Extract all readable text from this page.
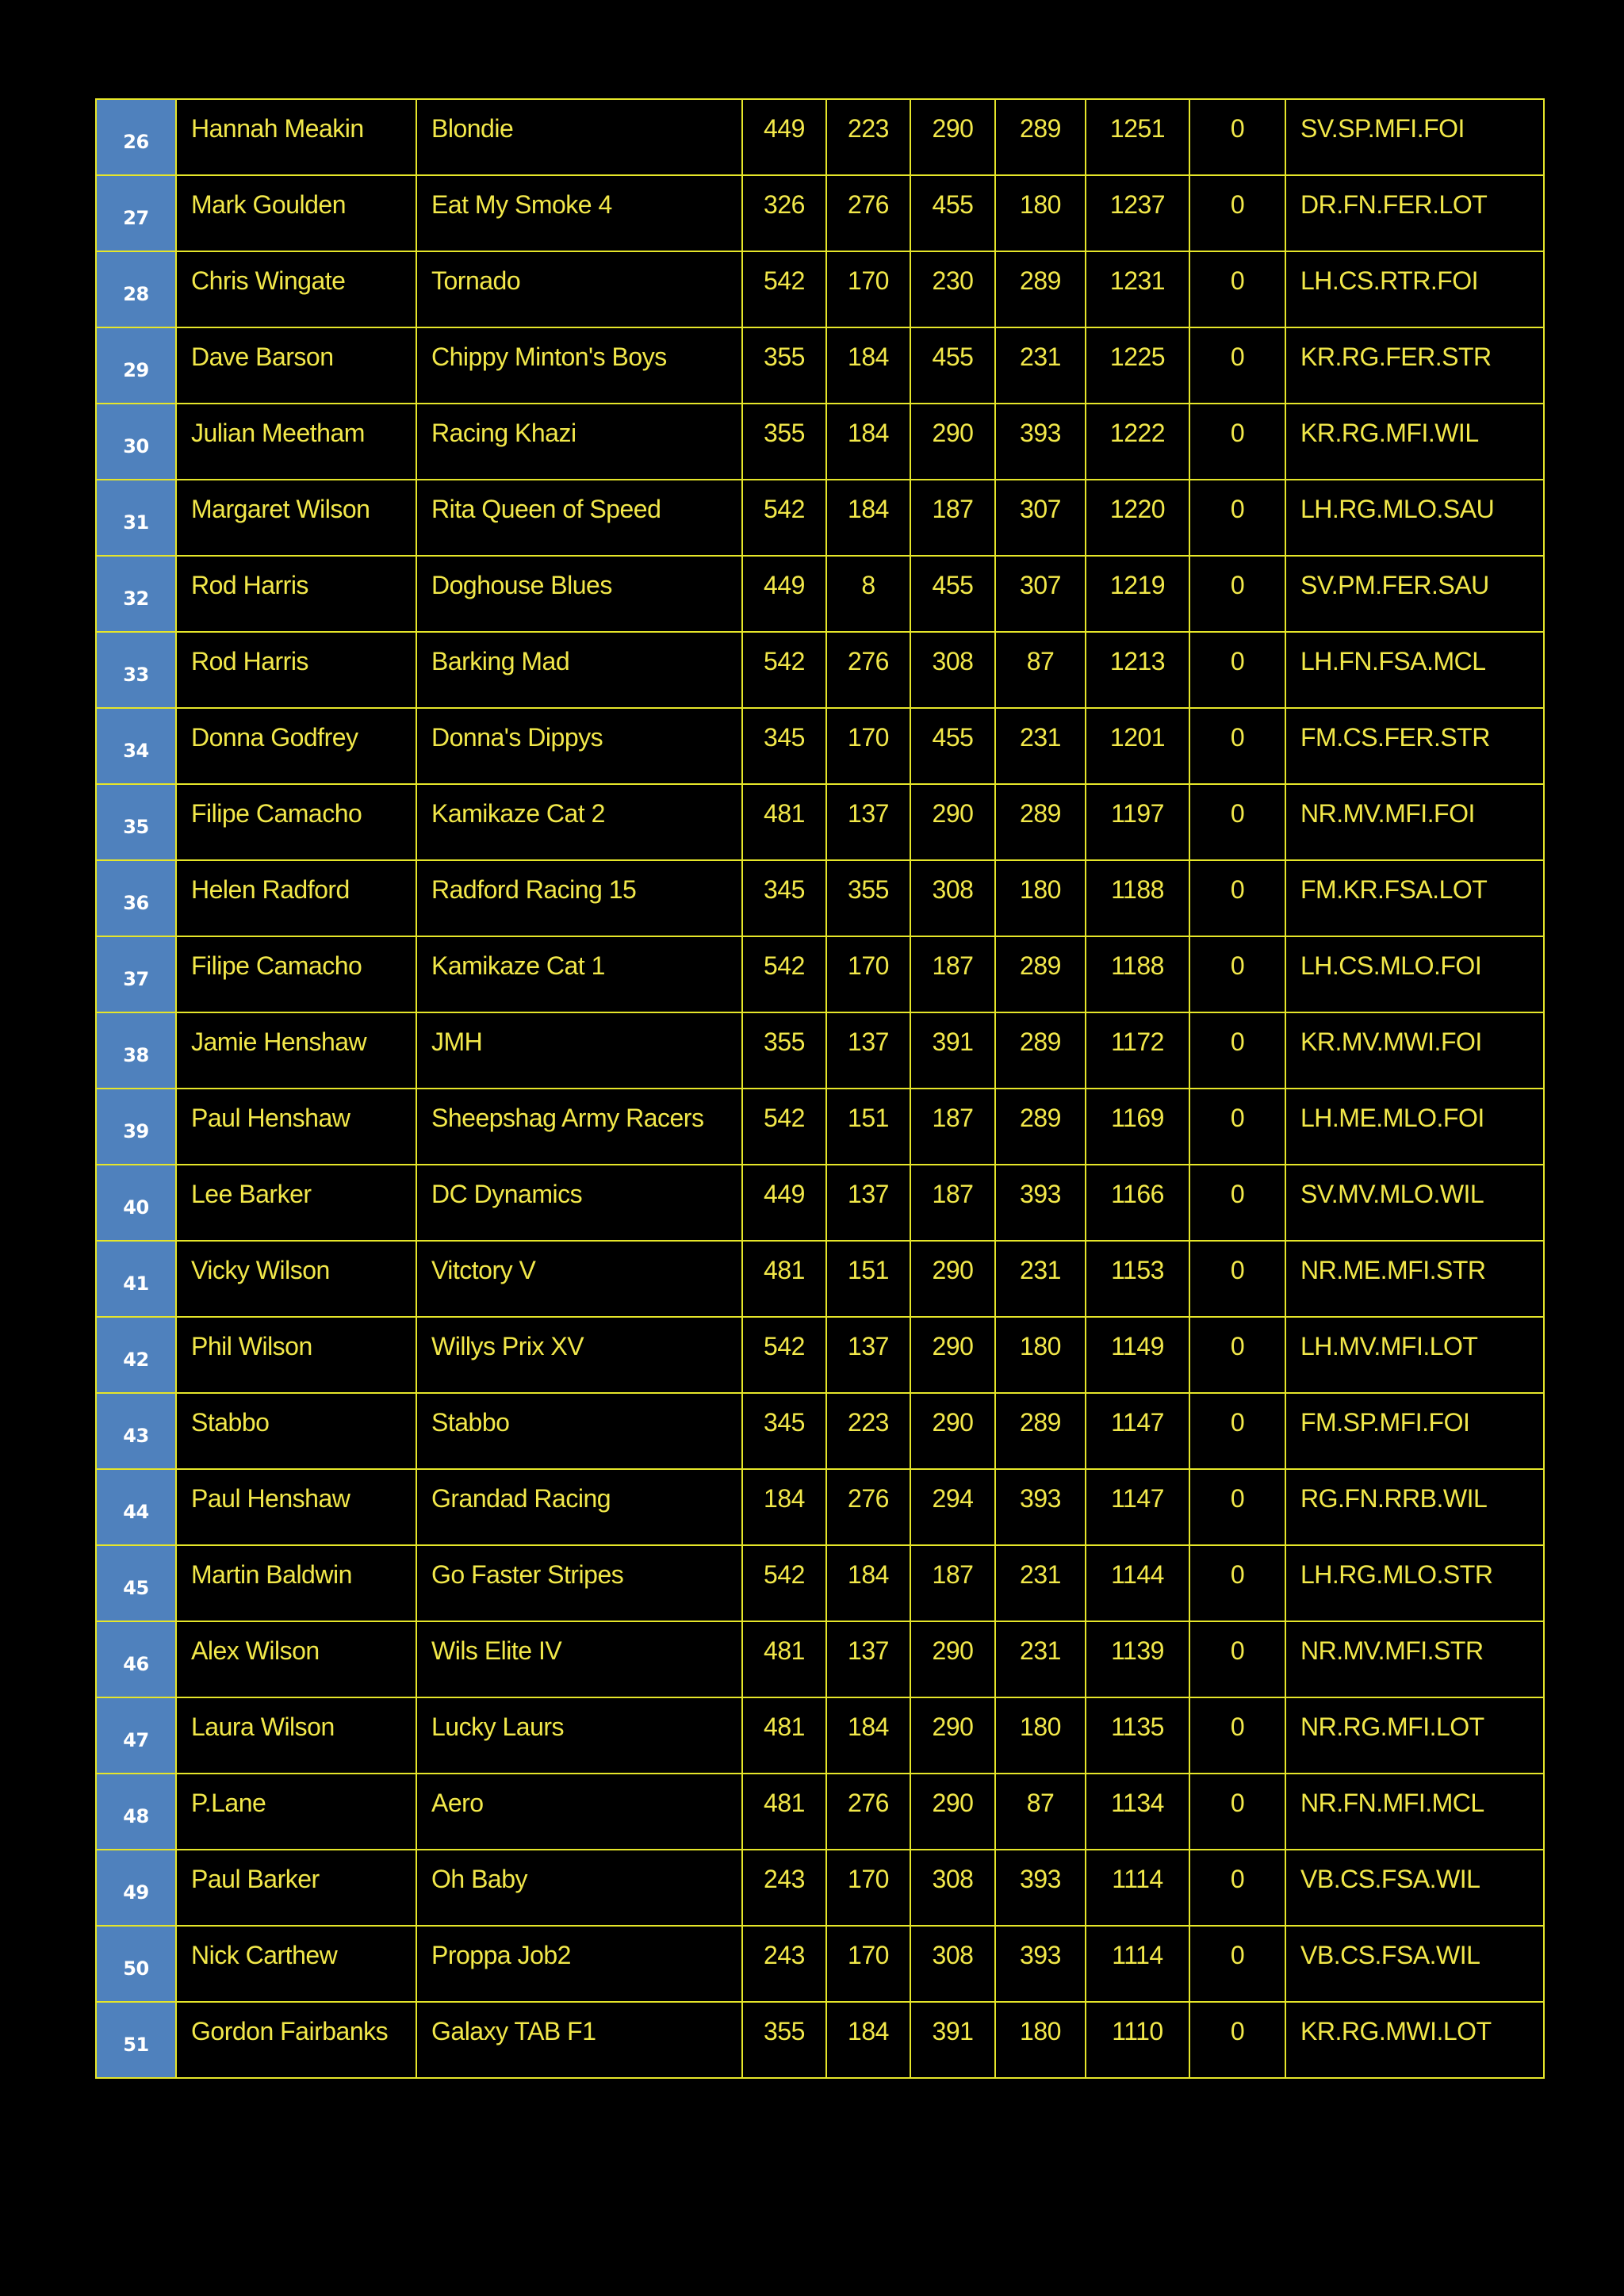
26	Hannah Meakin	Blondie	449	223	290	289	1251	0	SV.SP.MFI.FOI

27	Mark Goulden	Eat My Smoke 4	326	276	455	180	1237	0	DR.FN.FER.LOT

28	Chris Wingate	Tornado	542	170	230	289	1231	0	LH.CS.RTR.FOI

29	Dave Barson	Chippy Minton's Boys	355	184	455	231	1225	0	KR.RG.FER.STR

30	Julian Meetham	Racing Khazi	355	184	290	393	1222	0	KR.RG.MFI.WIL

31	Margaret Wilson	Rita Queen of Speed	542	184	187	307	1220	0	LH.RG.MLO.SAU

32	Rod Harris	Doghouse Blues	449	8	455	307	1219	0	SV.PM.FER.SAU

33	Rod Harris	Barking Mad	542	276	308	87	1213	0	LH.FN.FSA.MCL

34	Donna Godfrey	Donna's Dippys	345	170	455	231	1201	0	FM.CS.FER.STR

35	Filipe Camacho	Kamikaze Cat 2	481	137	290	289	1197	0	NR.MV.MFI.FOI

36	Helen Radford	Radford Racing 15	345	355	308	180	1188	0	FM.KR.FSA.LOT

37	Filipe Camacho	Kamikaze Cat 1	542	170	187	289	1188	0	LH.CS.MLO.FOI

38	Jamie Henshaw	JMH	355	137	391	289	1172	0	KR.MV.MWI.FOI

39	Paul Henshaw	Sheepshag Army Racers	542	151	187	289	1169	0	LH.ME.MLO.FOI

40	Lee Barker	DC Dynamics	449	137	187	393	1166	0	SV.MV.MLO.WIL

41	Vicky Wilson	Vitctory V	481	151	290	231	1153	0	NR.ME.MFI.STR

42	Phil Wilson	Willys Prix XV	542	137	290	180	1149	0	LH.MV.MFI.LOT

43	Stabbo	Stabbo	345	223	290	289	1147	0	FM.SP.MFI.FOI

44	Paul Henshaw	Grandad Racing	184	276	294	393	1147	0	RG.FN.RRB.WIL

45	Martin Baldwin	Go Faster Stripes	542	184	187	231	1144	0	LH.RG.MLO.STR

46	Alex Wilson	Wils Elite IV	481	137	290	231	1139	0	NR.MV.MFI.STR

47	Laura Wilson	Lucky Laurs	481	184	290	180	1135	0	NR.RG.MFI.LOT

48	P.Lane	Aero	481	276	290	87	1134	0	NR.FN.MFI.MCL

49	Paul Barker	Oh Baby	243	170	308	393	1114	0	VB.CS.FSA.WIL

50	Nick Carthew	Proppa Job2	243	170	308	393	1114	0	VB.CS.FSA.WIL

51	Gordon Fairbanks	Galaxy TAB F1	355	184	391	180	1110	0	KR.RG.MWI.LOT
